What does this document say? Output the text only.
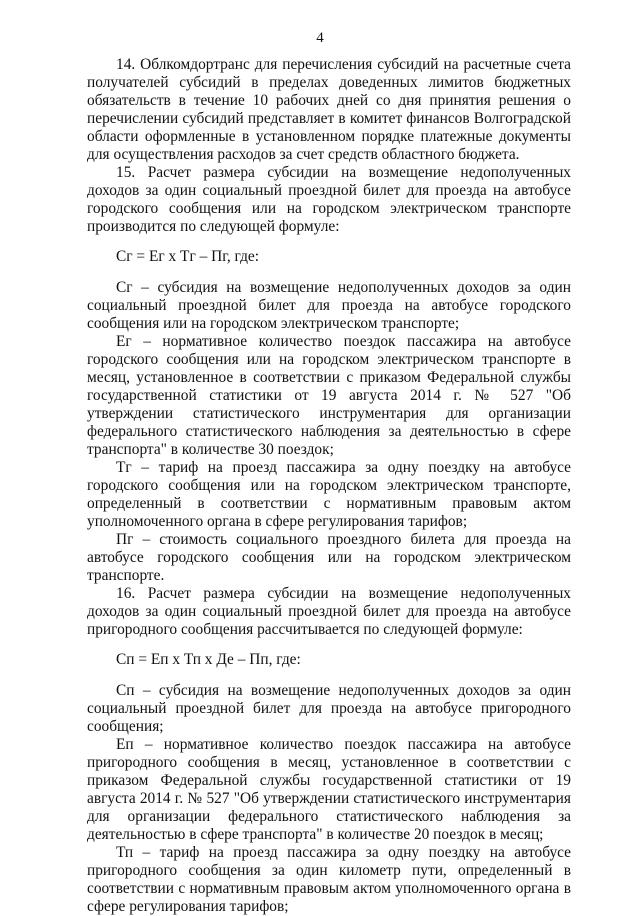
4

14. Облкомдортранс для перечисления субсидий на расчетные счета получателей субсидий в пределах доведенных лимитов бюджетных обязательств в течение 10 рабочих дней со дня принятия решения о перечислении субсидий представляет в комитет финансов Волгоградской области оформленные в установленном порядке платежные документы для осуществления расходов за счет средств областного бюджета.

15. Расчет размера субсидии на возмещение недополученных доходов за один социальный проездной билет для проезда на автобусе городского сообщения или на городском электрическом транспорте производится по следующей формуле:

Сг = Ег х Тг – Пг, где:

Сг – субсидия на возмещение недополученных доходов за один социальный проездной билет для проезда на автобусе городского сообщения или на городском электрическом транспорте;

Ег – нормативное количество поездок пассажира на автобусе городского сообщения или на городском электрическом транспорте в месяц, установленное в соответствии с приказом Федеральной службы государственной статистики от 19 августа 2014 г. № 527 "Об утверждении статистического инструментария для организации федерального статистического наблюдения за деятельностью в сфере транспорта" в количестве 30 поездок;

Тг – тариф на проезд пассажира за одну поездку на автобусе городского сообщения или на городском электрическом транспорте, определенный в соответствии с нормативным правовым актом уполномоченного органа в сфере регулирования тарифов;

Пг – стоимость социального проездного билета для проезда на автобусе городского сообщения или на городском электрическом транспорте.

16. Расчет размера субсидии на возмещение недополученных доходов за один социальный проездной билет для проезда на автобусе пригородного сообщения рассчитывается по следующей формуле:

Сп = Еп х Тп х Де – Пп, где:

Сп – субсидия на возмещение недополученных доходов за один социальный проездной билет для проезда на автобусе пригородного сообщения;

Еп – нормативное количество поездок пассажира на автобусе пригородного сообщения в месяц, установленное в соответствии с приказом Федеральной службы государственной статистики от 19 августа 2014 г. № 527 "Об утверждении статистического инструментария для организации федерального статистического наблюдения за деятельностью в сфере транспорта" в количестве 20 поездок в месяц;

Тп – тариф на проезд пассажира за одну поездку на автобусе пригородного сообщения за один километр пути, определенный в соответствии с нормативным правовым актом уполномоченного органа в сфере регулирования тарифов;
